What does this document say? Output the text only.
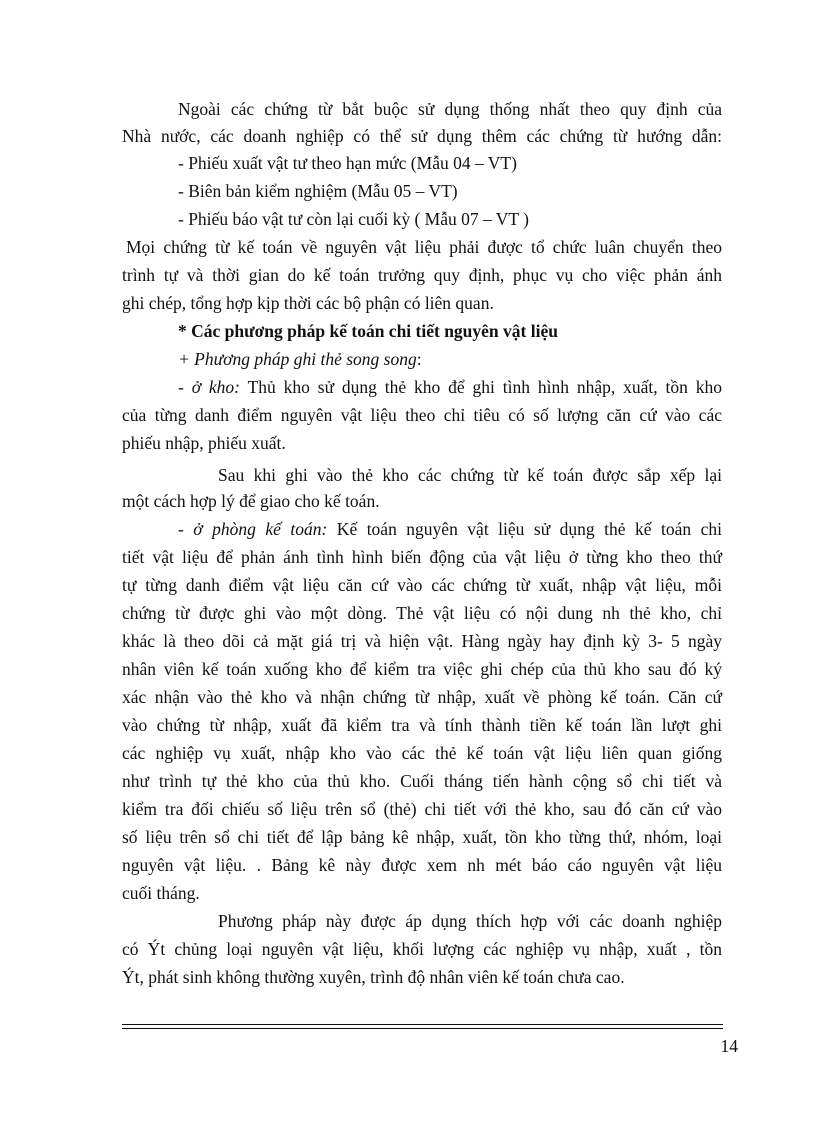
Ngoài các chứng từ bắt buộc sử dụng thống nhất theo quy định của
Nhà nước, các doanh nghiệp có thể sử dụng thêm các chứng từ hướng dẫn:
- Phiếu xuất vật tư theo hạn mức (Mẫu 04 – VT)
- Biên bản kiểm nghiệm (Mẫu 05 – VT)
- Phiếu báo vật tư còn lại cuối kỳ ( Mẫu 07 – VT )
Mọi chứng từ kế toán về nguyên vật liệu phải được tổ chức luân chuyển theo
trình tự và thời gian do kế toán trưởng quy định, phục vụ cho việc phản ánh
ghi chép, tổng hợp kịp thời các bộ phận có liên quan.
* Các phương pháp kế toán chi tiết nguyên vật liệu
+ Phương pháp ghi thẻ song song:
- ở kho: Thủ kho sử dụng thẻ kho để ghi tình hình nhập, xuất, tồn kho
của từng danh điểm nguyên vật liệu theo chỉ tiêu có số lượng căn cứ vào các
phiếu nhập, phiếu xuất.
Sau khi ghi vào thẻ kho các chứng từ kế toán được sắp xếp lại
một cách hợp lý để giao cho kế toán.
- ở phòng kế toán: Kế toán nguyên vật liệu sử dụng thẻ kế toán chi
tiết vật liệu để phản ánh tình hình biến động của vật liệu ở từng kho theo thứ
tự từng danh điểm vật liệu căn cứ vào các chứng từ xuất, nhập vật liệu, mỗi
chứng từ được ghi vào một dòng. Thẻ vật liệu có nội dung nh thẻ kho, chỉ
khác là theo dõi cả mặt giá trị và hiện vật. Hàng ngày hay định kỳ 3- 5 ngày
nhân viên kế toán xuống kho để kiểm tra việc ghi chép của thủ kho sau đó ký
xác nhận vào thẻ kho và nhận chứng từ nhập, xuất về phòng kế toán. Căn cứ
vào chứng từ nhập, xuất đã kiểm tra và tính thành tiền kế toán lần lượt ghi
các nghiệp vụ xuất, nhập kho vào các thẻ kế toán vật liệu liên quan giống
như trình tự thẻ kho của thủ kho. Cuối tháng tiến hành cộng sổ chi tiết và
kiểm tra đối chiếu số liệu trên sổ (thẻ) chi tiết với thẻ kho, sau đó căn cứ vào
số liệu trên sổ chi tiết để lập bảng kê nhập, xuất, tồn kho từng thứ, nhóm, loại
nguyên vật liệu. . Bảng kê này được xem nh mét báo cáo nguyên vật liệu
cuối tháng.
Phương pháp này được áp dụng thích hợp với các doanh nghiệp
có Ýt chủng loại nguyên vật liệu, khối lượng các nghiệp vụ nhập, xuất , tồn
Ýt, phát sinh không thường xuyên, trình độ nhân viên kế toán chưa cao.
14
